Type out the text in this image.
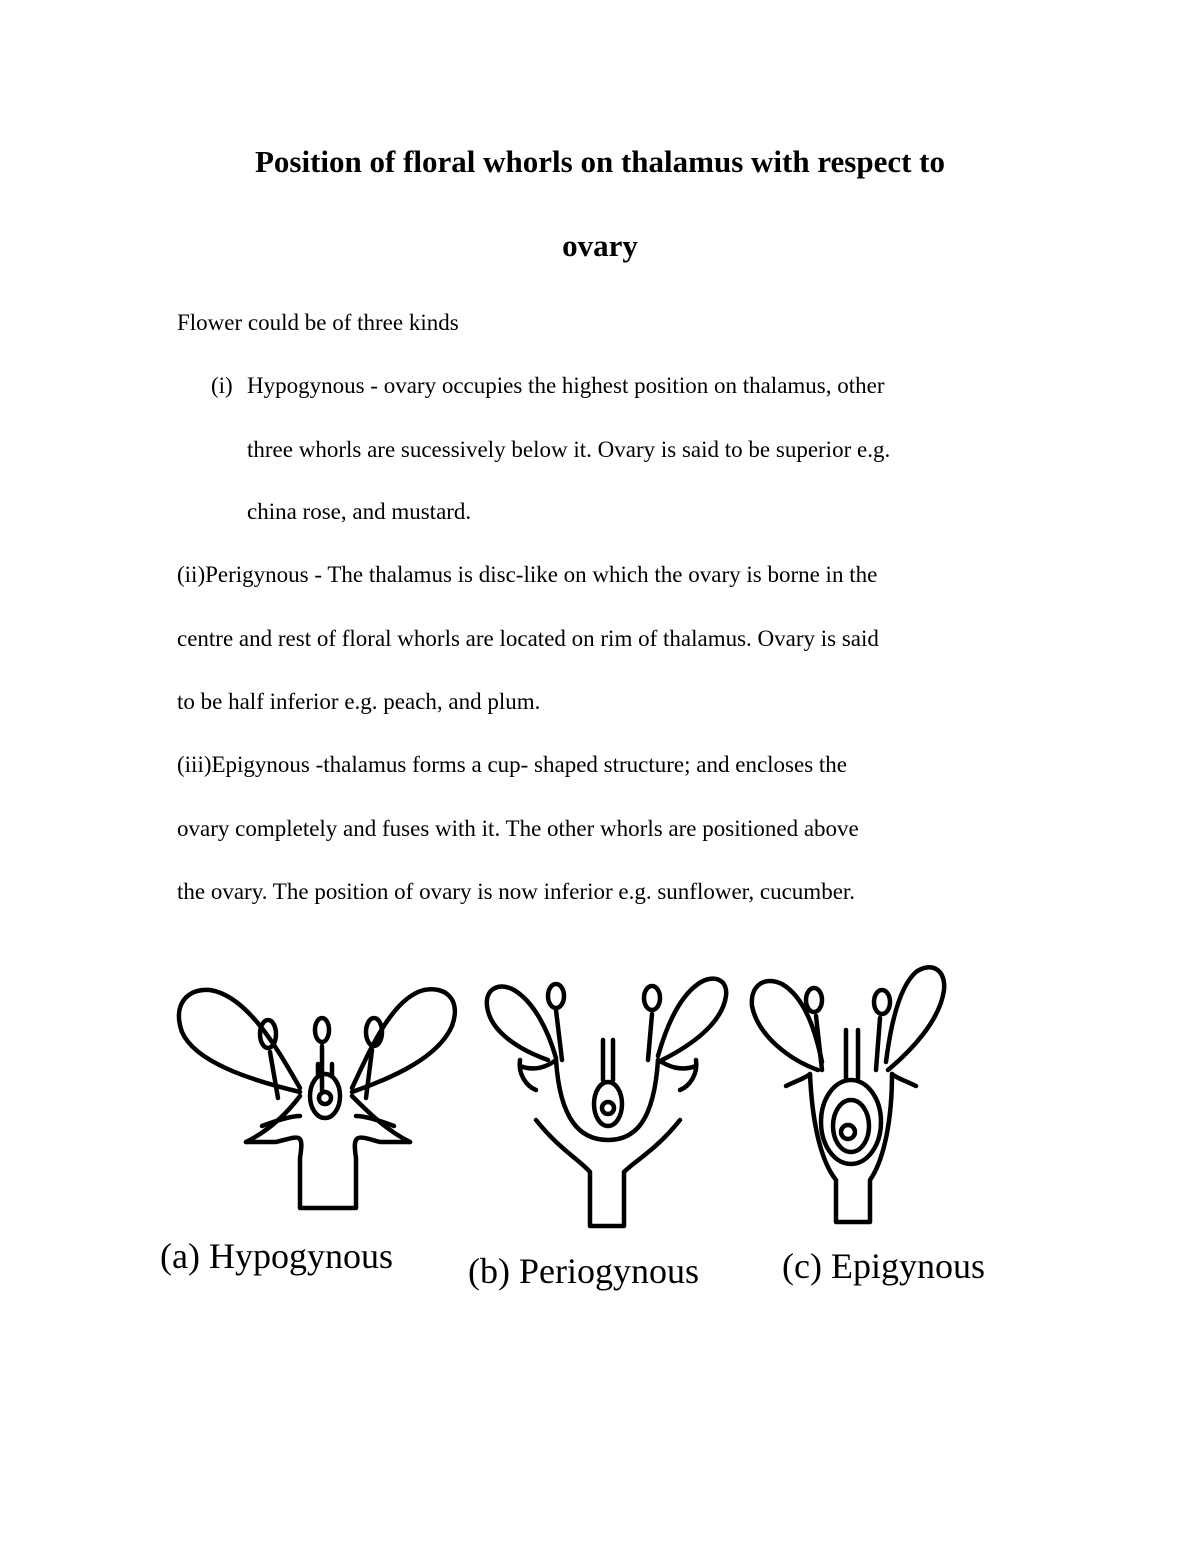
Position of floral whorls on thalamus with respect to
ovary
Flower could be of three kinds
(i) Hypogynous - ovary occupies the highest position on thalamus, other
three whorls are sucessively below it. Ovary is said to be superior e.g.
china rose, and mustard.
(ii)Perigynous - The thalamus is disc-like on which the ovary is borne in the
centre and rest of floral whorls are located on rim of thalamus. Ovary is said
to be half inferior e.g. peach, and plum.
(iii)Epigynous -thalamus forms a cup- shaped structure; and encloses the
ovary completely and fuses with it. The other whorls are positioned above
the ovary. The position of ovary is now inferior e.g. sunflower, cucumber.
(a) Hypogynous (b) Periogynous (c) Epigynous
